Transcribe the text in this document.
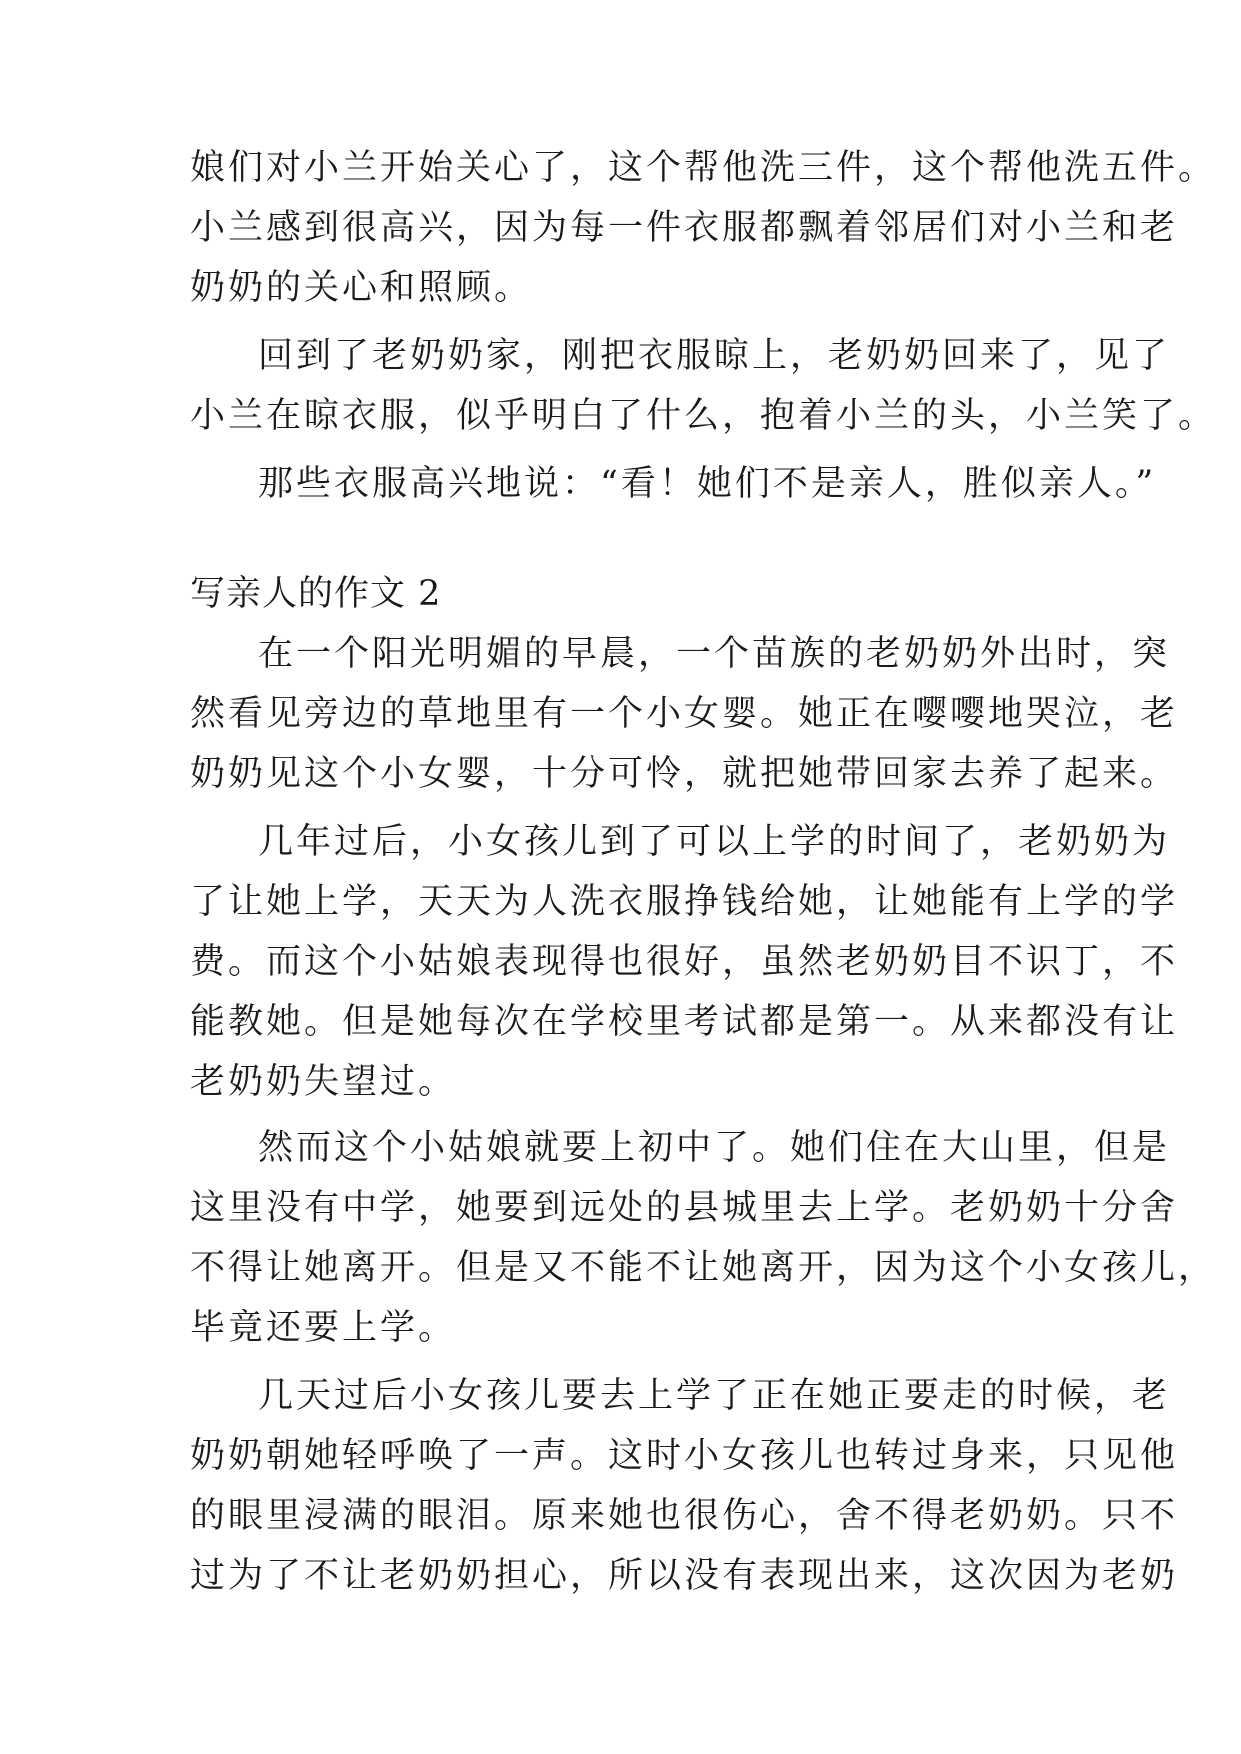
娘们对小兰开始关心了，这个帮他洗三件，这个帮他洗五件。

小兰感到很高兴，因为每一件衣服都飘着邻居们对小兰和老

奶奶的关心和照顾。

回到了老奶奶家，刚把衣服晾上，老奶奶回来了，见了

小兰在晾衣服，似乎明白了什么，抱着小兰的头，小兰笑了。

那些衣服高兴地说：“看！她们不是亲人，胜似亲人。”

写亲人的作文 2

在一个阳光明媚的早晨，一个苗族的老奶奶外出时，突

然看见旁边的草地里有一个小女婴。她正在嘤嘤地哭泣，老

奶奶见这个小女婴，十分可怜，就把她带回家去养了起来。

几年过后，小女孩儿到了可以上学的时间了，老奶奶为

了让她上学，天天为人洗衣服挣钱给她，让她能有上学的学

费。而这个小姑娘表现得也很好，虽然老奶奶目不识丁，不

能教她。但是她每次在学校里考试都是第一。从来都没有让

老奶奶失望过。

然而这个小姑娘就要上初中了。她们住在大山里，但是

这里没有中学，她要到远处的县城里去上学。老奶奶十分舍

不得让她离开。但是又不能不让她离开，因为这个小女孩儿，

毕竟还要上学。

几天过后小女孩儿要去上学了正在她正要走的时候，老

奶奶朝她轻呼唤了一声。这时小女孩儿也转过身来，只见他

的眼里浸满的眼泪。原来她也很伤心，舍不得老奶奶。只不

过为了不让老奶奶担心，所以没有表现出来，这次因为老奶
